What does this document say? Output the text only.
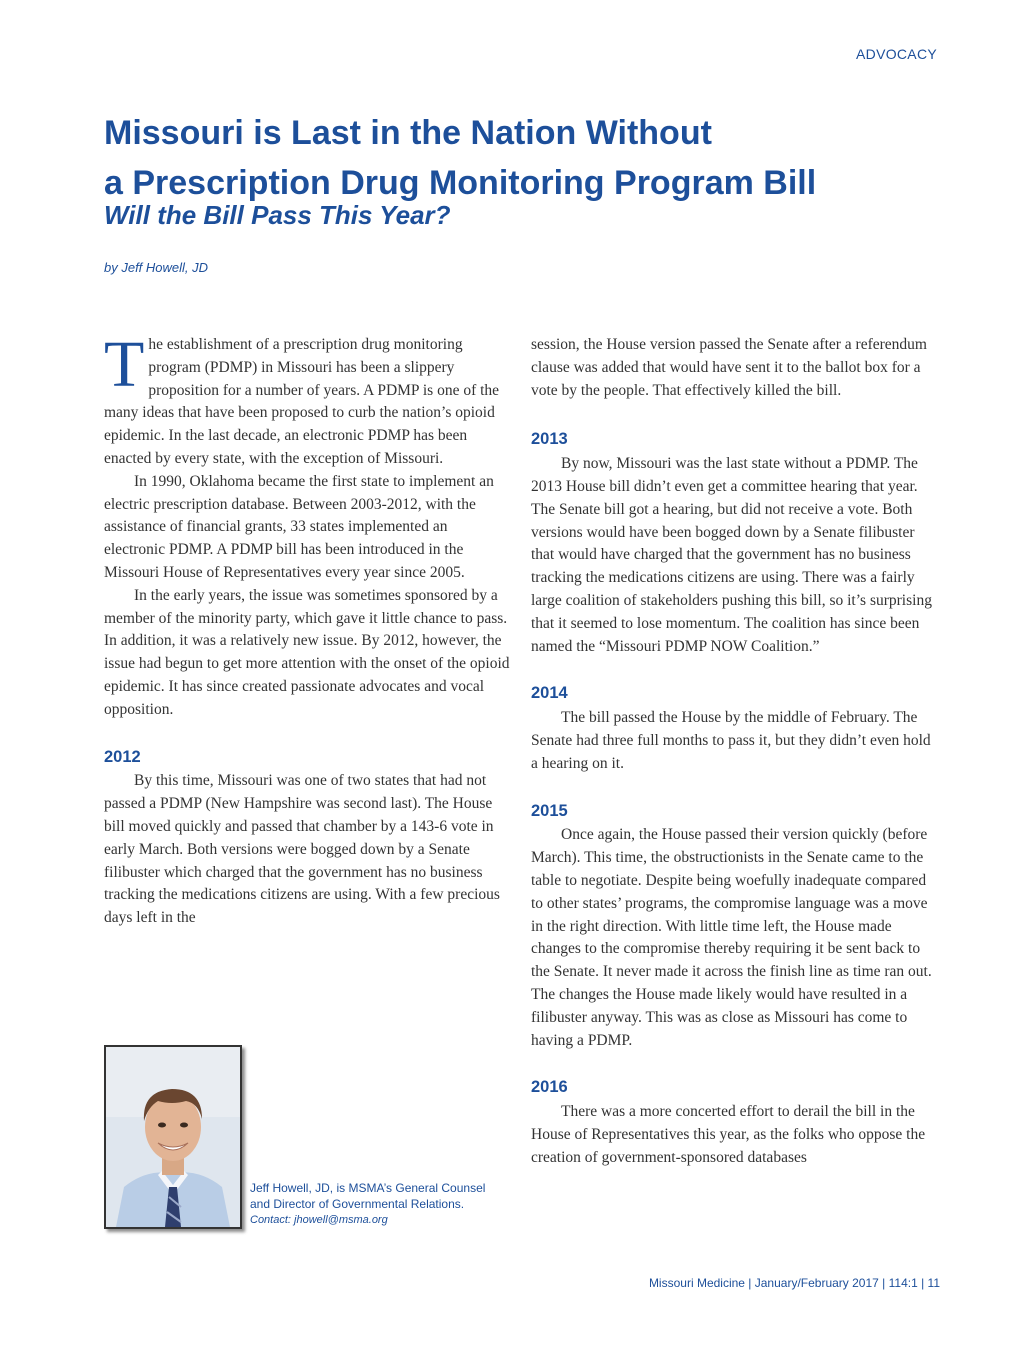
ADVOCACY
Missouri is Last in the Nation Without
a Prescription Drug Monitoring Program Bill
Will the Bill Pass This Year?
by Jeff Howell, JD

The establishment of a prescription drug monitoring program (PDMP) in Missouri has been a slippery proposition for a number of years. A PDMP is one of the many ideas that have been proposed to curb the nation’s opioid epidemic. In the last decade, an electronic PDMP has been enacted by every state, with the exception of Missouri.

In 1990, Oklahoma became the first state to implement an electric prescription database. Between 2003-2012, with the assistance of financial grants, 33 states implemented an electronic PDMP. A PDMP bill has been introduced in the Missouri House of Representatives every year since 2005.

In the early years, the issue was sometimes sponsored by a member of the minority party, which gave it little chance to pass. In addition, it was a relatively new issue. By 2012, however, the issue had begun to get more attention with the onset of the opioid epidemic. It has since created passionate advocates and vocal opposition.

2012

By this time, Missouri was one of two states that had not passed a PDMP (New Hampshire was second last). The House bill moved quickly and passed that chamber by a 143-6 vote in early March. Both versions were bogged down by a Senate filibuster which charged that the government has no business tracking the medications citizens are using. With a few precious days left in the

session, the House version passed the Senate after a referendum clause was added that would have sent it to the ballot box for a vote by the people. That effectively killed the bill.

2013

By now, Missouri was the last state without a PDMP. The 2013 House bill didn’t even get a committee hearing that year. The Senate bill got a hearing, but did not receive a vote. Both versions would have been bogged down by a Senate filibuster that would have charged that the government has no business tracking the medications citizens are using. There was a fairly large coalition of stakeholders pushing this bill, so it’s surprising that it seemed to lose momentum. The coalition has since been named the “Missouri PDMP NOW Coalition.”

2014

The bill passed the House by the middle of February. The Senate had three full months to pass it, but they didn’t even hold a hearing on it.

2015

Once again, the House passed their version quickly (before March). This time, the obstructionists in the Senate came to the table to negotiate. Despite being woefully inadequate compared to other states’ programs, the compromise language was a move in the right direction. With little time left, the House made changes to the compromise thereby requiring it be sent back to the Senate. It never made it across the finish line as time ran out. The changes the House made likely would have resulted in a filibuster anyway. This was as close as Missouri has come to having a PDMP.

2016

There was a more concerted effort to derail the bill in the House of Representatives this year, as the folks who oppose the creation of government-sponsored databases

Jeff Howell, JD, is MSMA’s General Counsel
and Director of Governmental Relations.
Contact: jhowell@msma.org
Missouri Medicine | January/February 2017 | 114:1 | 11
